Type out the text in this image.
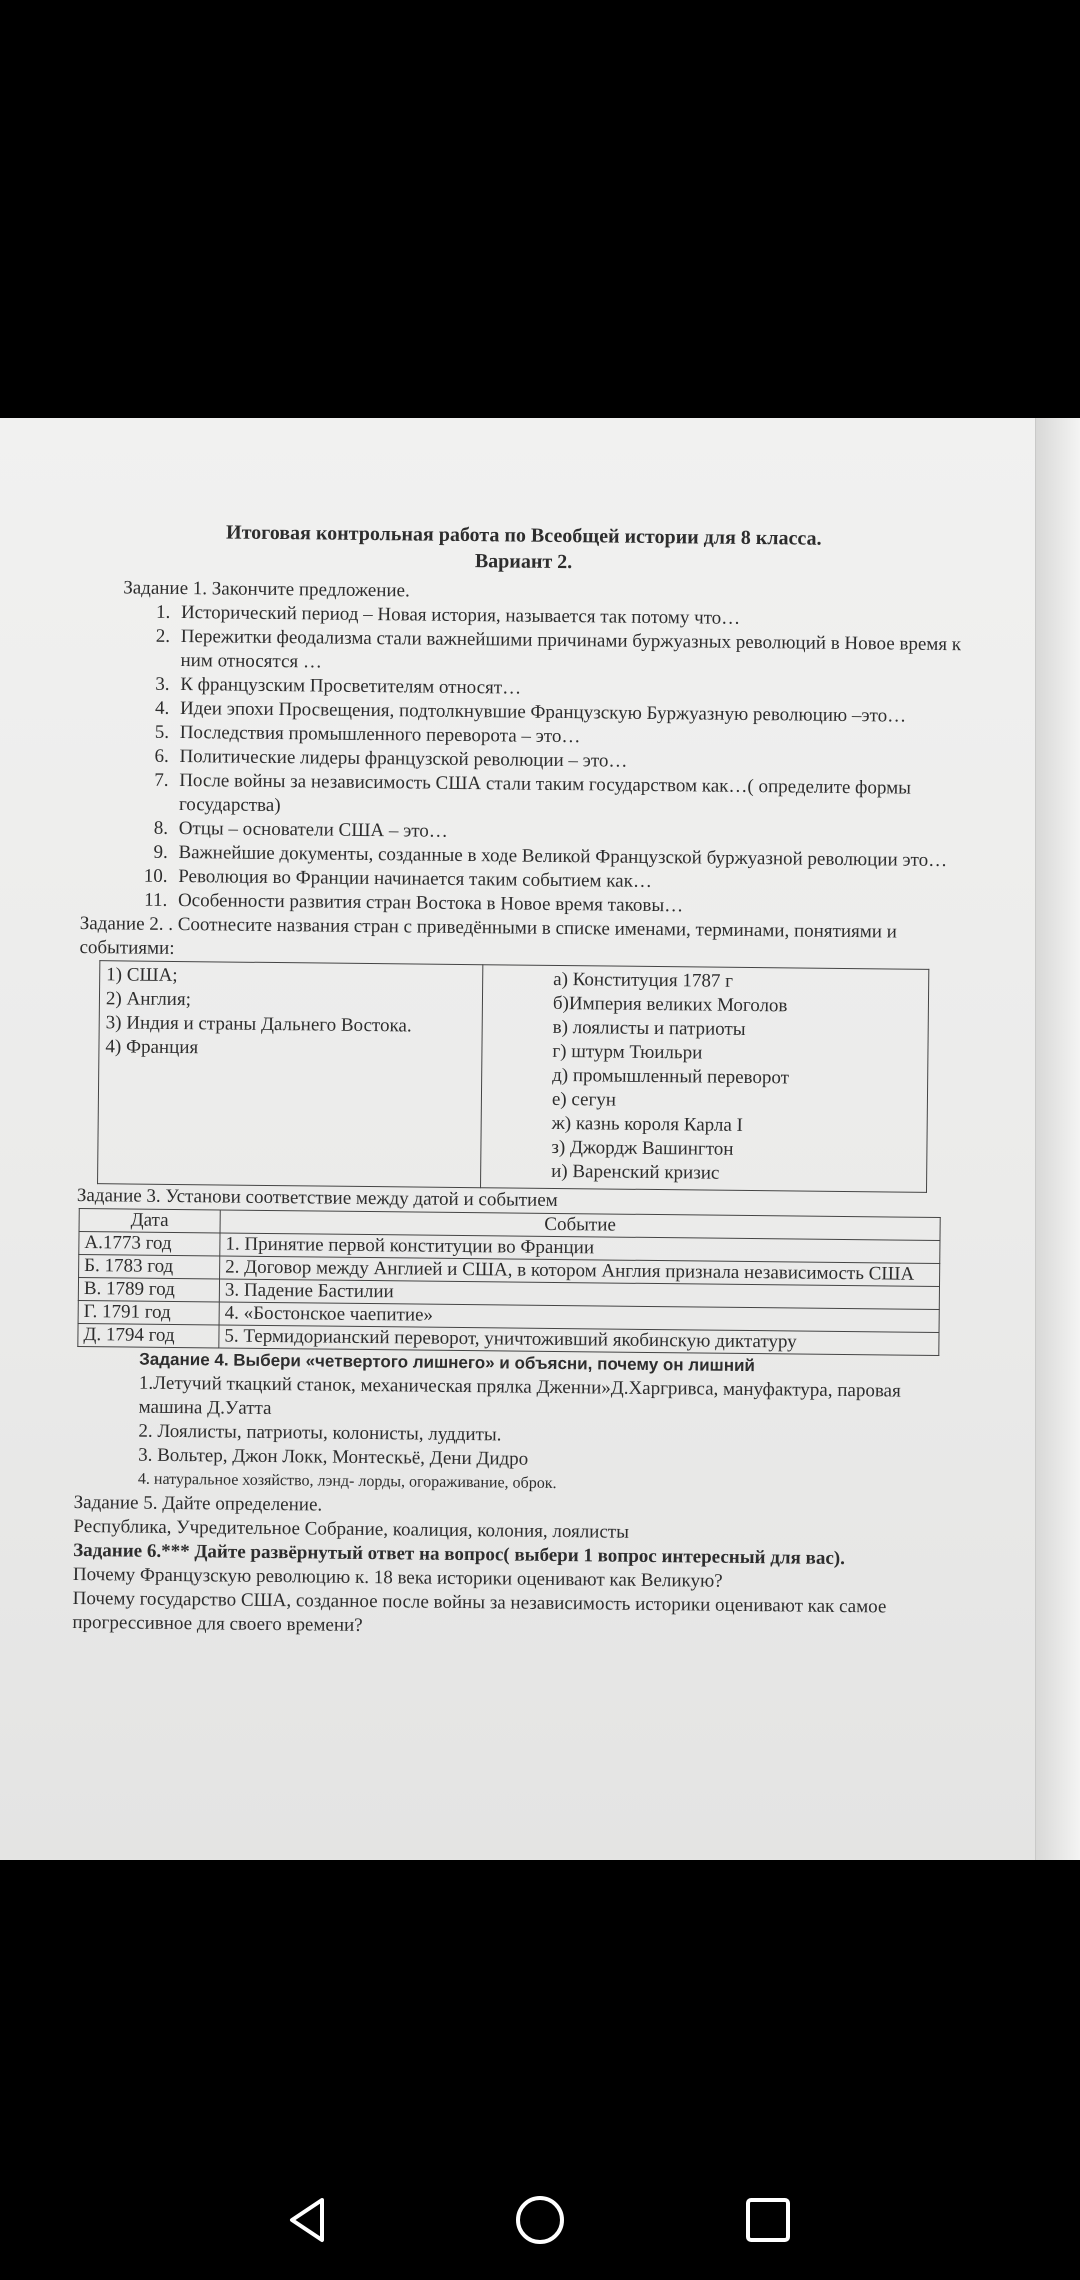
Итоговая контрольная работа по Всеобщей истории для 8 класса.
Вариант 2.
Задание 1. Закончите предложение.
1. Исторический период – Новая история, называется так потому что…
2. Пережитки феодализма стали важнейшими причинами буржуазных революций в Новое время к ним относятся …
3. К французским Просветителям относят…
4. Идеи эпохи Просвещения, подтолкнувшие Французскую Буржуазную революцию –это…
5. Последствия промышленного переворота – это…
6. Политические лидеры французской революции – это…
7. После войны за независимость США стали таким государством как…( определите формы государства)
8. Отцы – основатели США – это…
9. Важнейшие документы, созданные в ходе Великой Французской буржуазной революции это…
10. Революция во Франции начинается таким событием как…
11. Особенности развития стран Востока в Новое время таковы…
Задание 2. . Соотнесите названия стран с приведёнными в списке именами, терминами, понятиями и событиями:
1) США;
2) Англия;
3) Индия и страны Дальнего Востока.
4) Франция

а) Конституция 1787 г
б)Империя великих Моголов
в) лоялисты и патриоты
г) штурм Тюильри
д) промышленный переворот
е) сегун
ж) казнь короля Карла I
з) Джордж Вашингтон
и) Варенский кризис
Задание 3. Установи соответствие между датой и событием
Дата	Событие
А.1773 год	1. Принятие первой конституции во Франции
Б. 1783 год	2. Договор между Англией и США, в котором Англия признала независимость США
В. 1789 год	3. Падение Бастилии
Г. 1791 год	4. «Бостонское чаепитие»
Д. 1794 год	5. Термидорианский переворот, уничтоживший якобинскую диктатуру
Задание 4. Выбери «четвертого лишнего» и объясни, почему он лишний
1.Летучий ткацкий станок, механическая прялка Дженни»Д.Харгривса, мануфактура, паровая машина Д.Уатта
2. Лоялисты, патриоты, колонисты, луддиты.
3. Вольтер, Джон Локк, Монтескьё, Дени Дидро
4. натуральное хозяйство, лэнд- лорды, огораживание, оброк.
Задание 5. Дайте определение.
Республика, Учредительное Собрание, коалиция, колония, лоялисты
Задание 6.*** Дайте развёрнутый ответ на вопрос( выбери 1 вопрос интересный для вас).
Почему Французскую революцию к. 18 века историки оценивают как Великую?
Почему государство США, созданное после войны за независимость историки оценивают как самое прогрессивное для своего времени?
